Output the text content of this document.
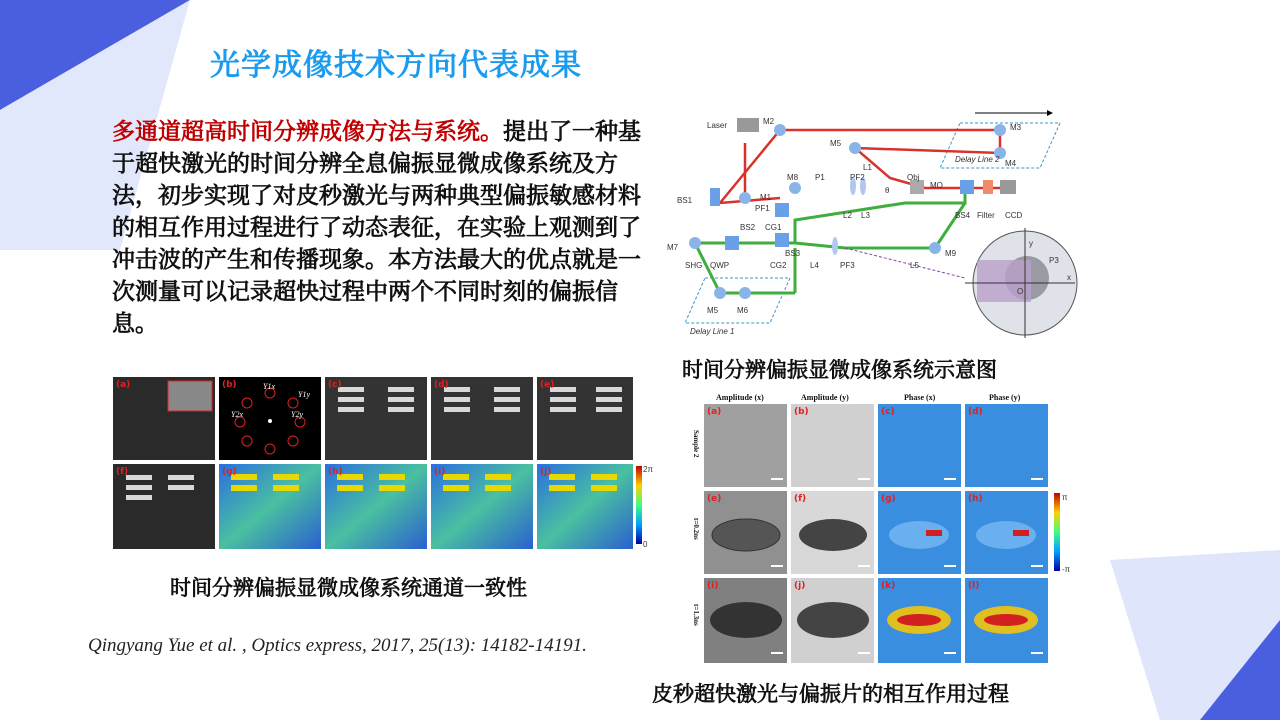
光学成像技术方向代表成果
多通道超高时间分辨成像方法与系统。提出了一种基于超快激光的时间分辨全息偏振显微成像系统及方法，初步实现了对皮秒激光与两种典型偏振敏感材料的相互作用过程进行了动态表征，在实验上观测到了冲击波的产生和传播现象。本方法最大的优点就是一次测量可以记录超快过程中两个不同时刻的偏振信息。
Laser	M2
M3
M4
M5
M1
M8 P1
PF1
PF2
L1
L2 L3
θ
Obj
MO
BS4 Filter CCD
BS1
BS2 CG1
BS3
CG2	L4	PF3	L5
M9
M7
SHG QWP
M5 M6
Delay Line 1
Delay Line 2
y
x
O
P3
时间分辨偏振显微成像系统示意图
2π
0
(a)	(b)	(c)	(d)	(e)
(f)	(g)	(h)	(i)	(j)
Y1x
Y2x
Y1y
Y2y
时间分辨偏振显微成像系统通道一致性
Amplitude (x)	Amplitude (y)	Phase (x)	Phase (y)
Sample 2
t=0.2ns
t=1.3ns
π
-π
(a)	(b)	(c)	(d)
(e)	(f)	(g)	(h)
(i)	(j)	(k)	(l)
皮秒超快激光与偏振片的相互作用过程
Qingyang Yue et al. , Optics express, 2017, 25(13): 14182-14191.
